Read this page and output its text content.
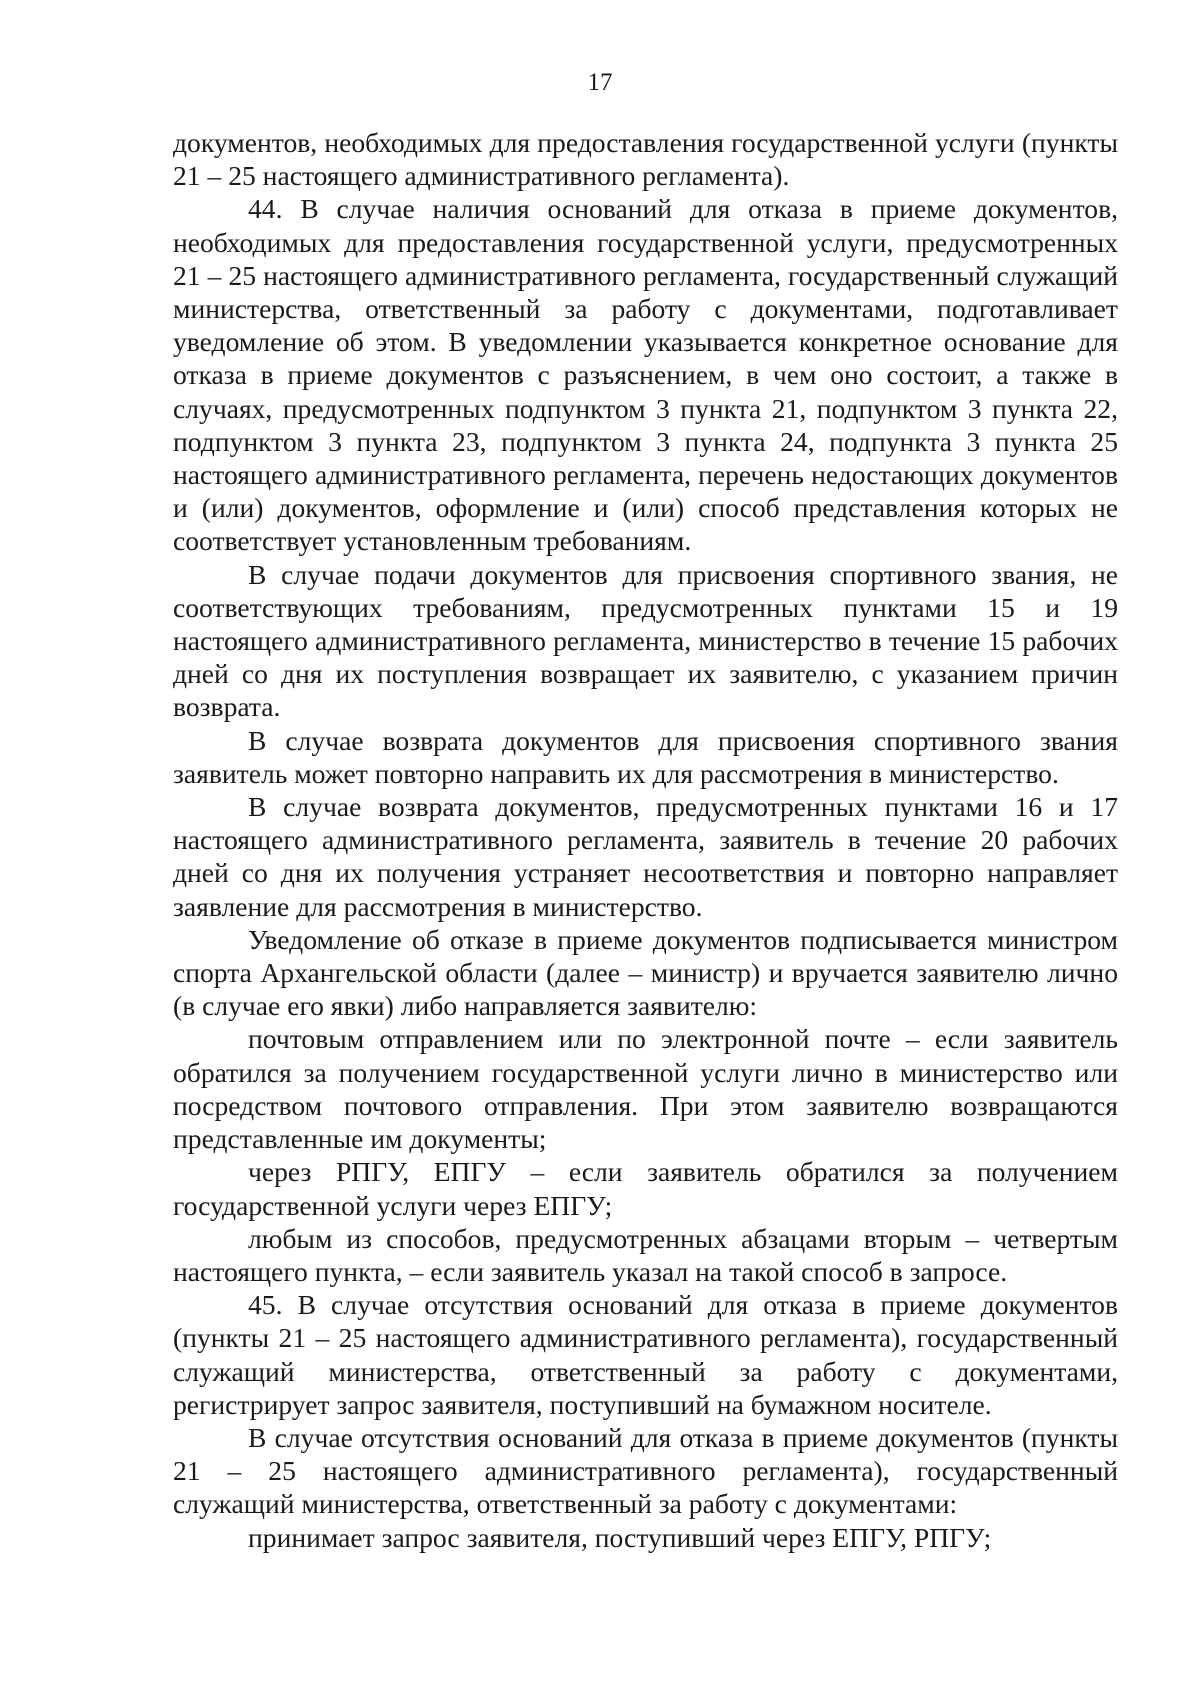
17

документов, необходимых для предоставления государственной услуги (пункты 21 – 25 настоящего административного регламента).

44. В случае наличия оснований для отказа в приеме документов, необходимых для предоставления государственной услуги, предусмотренных 21 – 25 настоящего административного регламента, государственный служащий министерства, ответственный за работу с документами, подготавливает уведомление об этом. В уведомлении указывается конкретное основание для отказа в приеме документов с разъяснением, в чем оно состоит, а также в случаях, предусмотренных подпунктом 3 пункта 21, подпунктом 3 пункта 22, подпунктом 3 пункта 23, подпунктом 3 пункта 24, подпункта 3 пункта 25 настоящего административного регламента, перечень недостающих документов и (или) документов, оформление и (или) способ представления которых не соответствует установленным требованиям.

В случае подачи документов для присвоения спортивного звания, не соответствующих требованиям, предусмотренных пунктами 15 и 19 настоящего административного регламента, министерство в течение 15 рабочих дней со дня их поступления возвращает их заявителю, с указанием причин возврата.

В случае возврата документов для присвоения спортивного звания заявитель может повторно направить их для рассмотрения в министерство.

В случае возврата документов, предусмотренных пунктами 16 и 17 настоящего административного регламента, заявитель в течение 20 рабочих дней со дня их получения устраняет несоответствия и повторно направляет заявление для рассмотрения в министерство.

Уведомление об отказе в приеме документов подписывается министром спорта Архангельской области (далее – министр) и вручается заявителю лично (в случае его явки) либо направляется заявителю:

почтовым отправлением или по электронной почте – если заявитель обратился за получением государственной услуги лично в министерство или посредством почтового отправления. При этом заявителю возвращаются представленные им документы;

через РПГУ, ЕПГУ – если заявитель обратился за получением государственной услуги через ЕПГУ;

любым из способов, предусмотренных абзацами вторым – четвертым настоящего пункта, – если заявитель указал на такой способ в запросе.

45. В случае отсутствия оснований для отказа в приеме документов (пункты 21 – 25 настоящего административного регламента), государственный служащий министерства, ответственный за работу с документами, регистрирует запрос заявителя, поступивший на бумажном носителе.

В случае отсутствия оснований для отказа в приеме документов (пункты 21 – 25 настоящего административного регламента), государственный служащий министерства, ответственный за работу с документами:

принимает запрос заявителя, поступивший через ЕПГУ, РПГУ;
